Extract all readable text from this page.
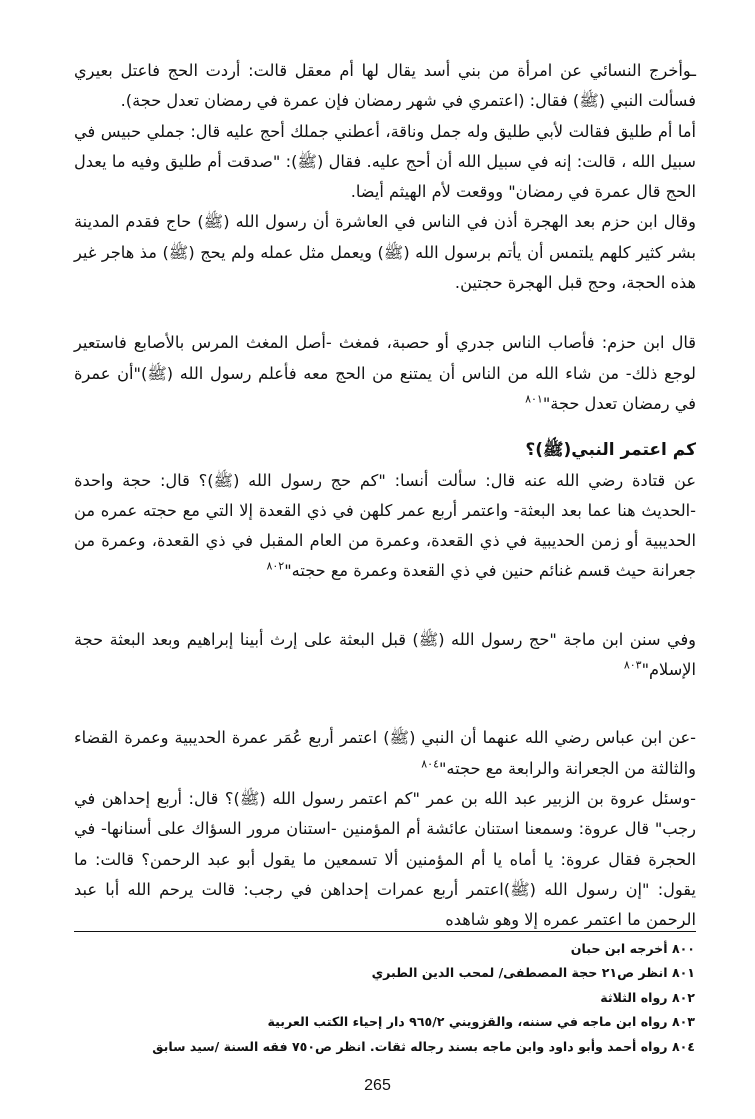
ـوأخرج النسائي عن امرأة من بني أسد يقال لها أم معقل قالت: أردت الحج فاعتل بعيري فسألت النبي (ﷺ) فقال: (اعتمري في شهر رمضان فإن عمرة في رمضان تعدل حجة).

أما أم طليق فقالت لأبي طليق وله جمل وناقة، أعطني جملك أحج عليه قال: جملي حبيس في سبيل الله ، قالت: إنه في سبيل الله أن أحج عليه. فقال (ﷺ): "صدقت أم طليق وفيه ما يعدل الحج قال عمرة في رمضان" ووقعت لأم الهيثم أيضا.

وقال ابن حزم بعد الهجرة أذن في الناس في العاشرة أن رسول الله (ﷺ) حاج فقدم المدينة بشر كثير كلهم يلتمس أن يأتم برسول الله (ﷺ) ويعمل مثل عمله ولم يحج (ﷺ) مذ هاجر غير هذه الحجة، وحج قبل الهجرة حجتين.

قال ابن حزم: فأصاب الناس جدري أو حصبة، فمغث -أصل المغث المرس بالأصابع فاستعير لوجع ذلك- من شاء الله من الناس أن يمتنع من الحج معه فأعلم رسول الله (ﷺ)"أن عمرة في رمضان تعدل حجة"$^{٨٠١}$

كم اعتمر النبي(ﷺ)؟

عن قتادة رضي الله عنه قال: سألت أنسا: "كم حج رسول الله (ﷺ)؟ قال: حجة واحدة -الحديث هنا عما بعد البعثة- واعتمر أربع عمر كلهن في ذي القعدة إلا التي مع حجته عمره من الحديبية أو زمن الحديبية في ذي القعدة، وعمرة من العام المقبل في ذي القعدة، وعمرة من جعرانة حيث قسم غنائم حنين في ذي القعدة وعمرة مع حجته"$^{٨٠٢}$

وفي سنن ابن ماجة "حج رسول الله (ﷺ) قبل البعثة على إرث أبينا إبراهيم وبعد البعثة حجة الإسلام"$^{٨٠٣}$

-عن ابن عباس رضي الله عنهما أن النبي (ﷺ) اعتمر أربع عُمَر عمرة الحديبية وعمرة القضاء والثالثة من الجعرانة والرابعة مع حجته"$^{٨٠٤}$

-وسئل عروة بن الزبير عبد الله بن عمر "كم اعتمر رسول الله (ﷺ)؟ قال: أربع إحداهن في رجب" قال عروة: وسمعنا استنان عائشة أم المؤمنين -استنان مرور السؤاك على أسنانها- في الحجرة فقال عروة: يا أماه يا أم المؤمنين ألا تسمعين ما يقول أبو عبد الرحمن؟ قالت: ما يقول: "إن رسول الله (ﷺ)اعتمر أربع عمرات إحداهن في رجب: قالت يرحم الله أبا عبد الرحمن ما اعتمر عمره إلا وهو شاهده

٨٠٠ أخرجه ابن حبان
٨٠١ انظر ص٢١ حجة المصطفى/ لمحب الدين الطبري
٨٠٢ رواه الثلاثة
٨٠٣ رواه ابن ماجه في سننه، والقزويني ٩٦٥/٢ دار إحياء الكتب العربية
٨٠٤ رواه أحمد وأبو داود وابن ماجه بسند رجاله ثقات. انظر ص٧٥٠ فقه السنة /سيد سابق
265
